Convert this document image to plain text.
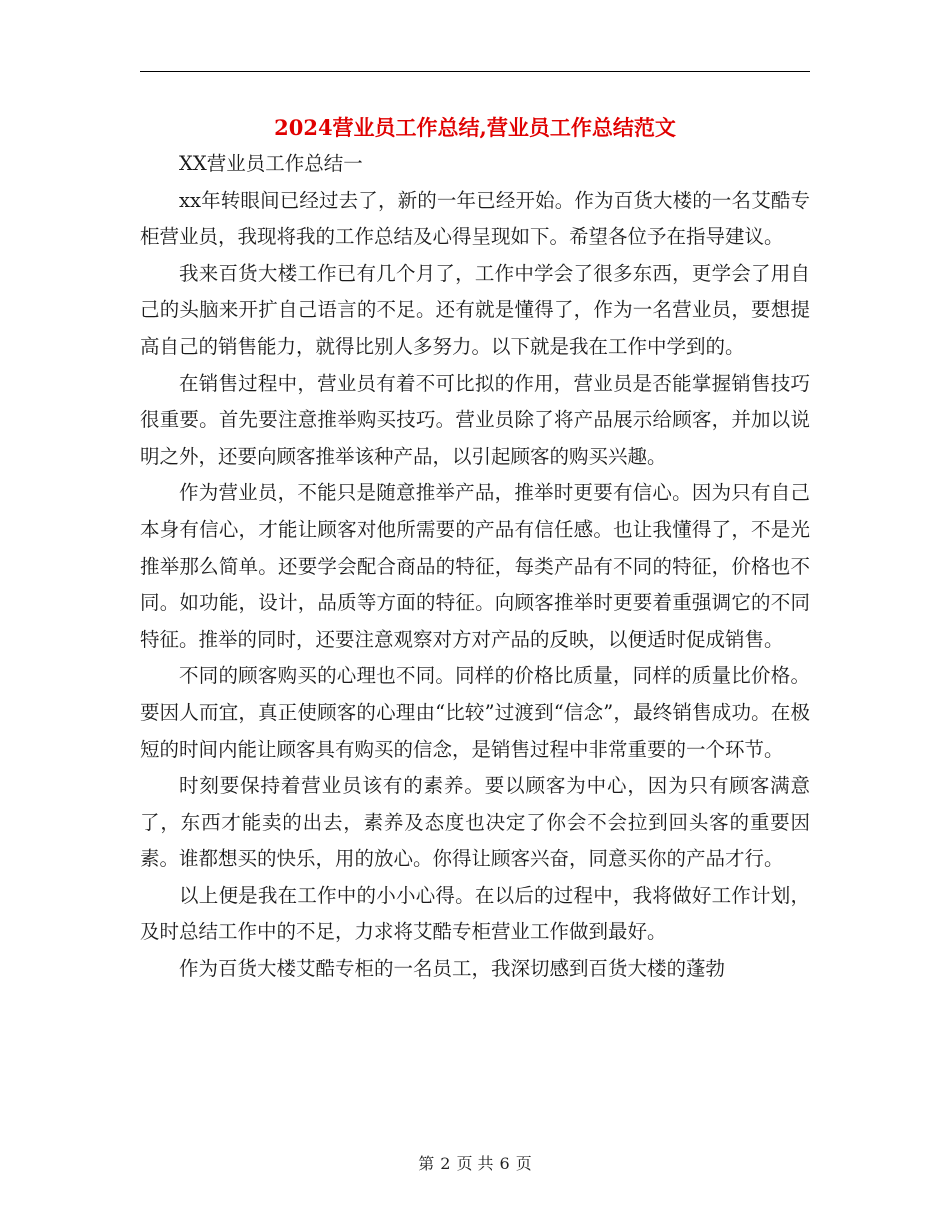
2024营业员工作总结,营业员工作总结范文

XX营业员工作总结一

xx年转眼间已经过去了，新的一年已经开始。作为百货大楼的一名艾酷专柜营业员，我现将我的工作总结及心得呈现如下。希望各位予在指导建议。

我来百货大楼工作已有几个月了，工作中学会了很多东西，更学会了用自己的头脑来开扩自己语言的不足。还有就是懂得了，作为一名营业员，要想提高自己的销售能力，就得比别人多努力。以下就是我在工作中学到的。

在销售过程中，营业员有着不可比拟的作用，营业员是否能掌握销售技巧很重要。首先要注意推举购买技巧。营业员除了将产品展示给顾客，并加以说明之外，还要向顾客推举该种产品，以引起顾客的购买兴趣。

作为营业员，不能只是随意推举产品，推举时更要有信心。因为只有自己本身有信心，才能让顾客对他所需要的产品有信任感。也让我懂得了，不是光推举那么简单。还要学会配合商品的特征，每类产品有不同的特征，价格也不同。如功能，设计，品质等方面的特征。向顾客推举时更要着重强调它的不同特征。推举的同时，还要注意观察对方对产品的反映，以便适时促成销售。

不同的顾客购买的心理也不同。同样的价格比质量，同样的质量比价格。要因人而宜，真正使顾客的心理由“比较”过渡到“信念”，最终销售成功。在极短的时间内能让顾客具有购买的信念，是销售过程中非常重要的一个环节。

时刻要保持着营业员该有的素养。要以顾客为中心，因为只有顾客满意了，东西才能卖的出去，素养及态度也决定了你会不会拉到回头客的重要因素。谁都想买的快乐，用的放心。你得让顾客兴奋，同意买你的产品才行。

以上便是我在工作中的小小心得。在以后的过程中，我将做好工作计划，及时总结工作中的不足，力求将艾酷专柜营业工作做到最好。

作为百货大楼艾酷专柜的一名员工，我深切感到百货大楼的蓬勃

第 2 页 共 6 页
